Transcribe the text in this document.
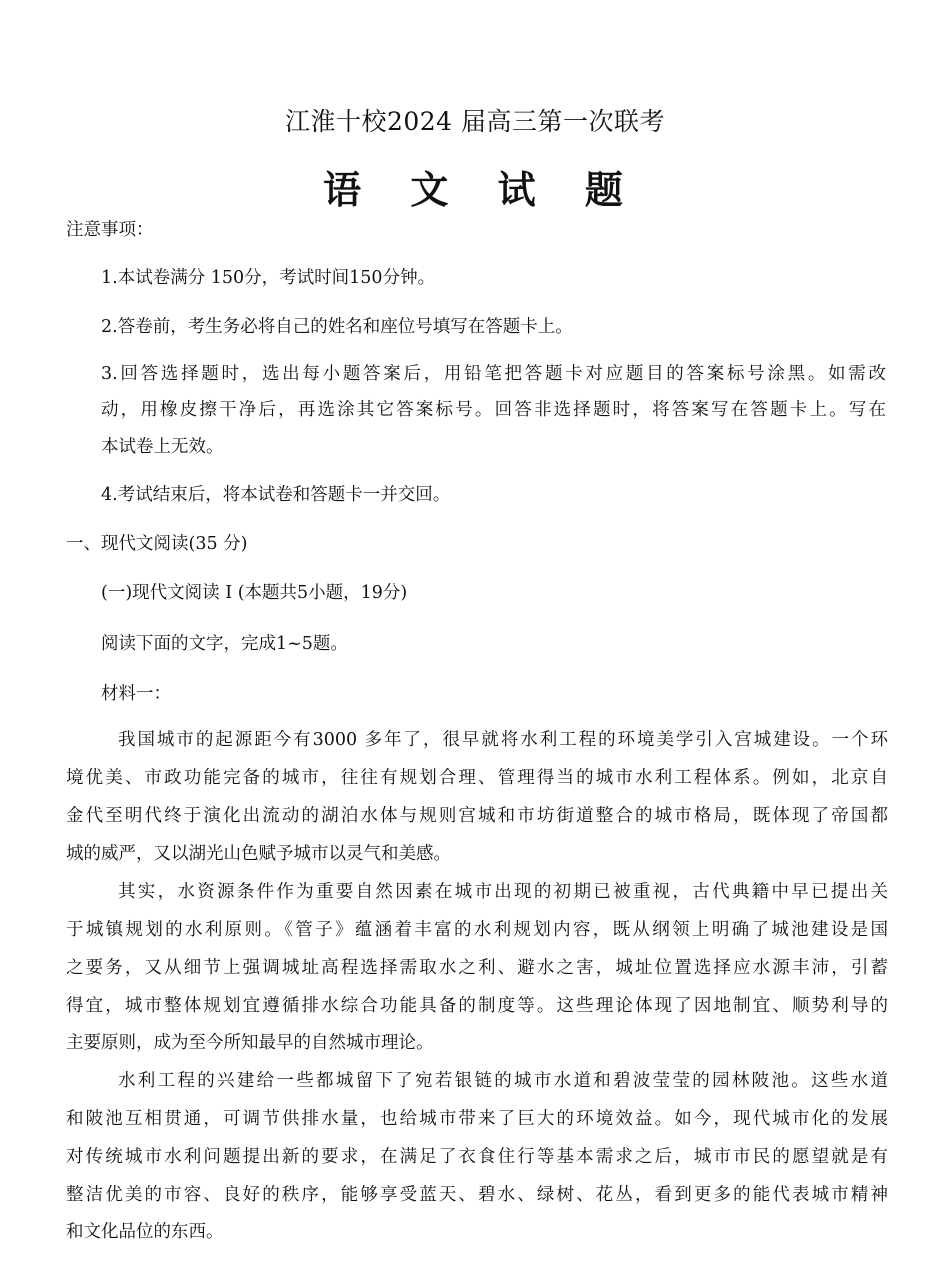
江淮十校2024 届高三第一次联考
语 文 试 题
注意事项：
1.本试卷满分 150分，考试时间150分钟。
2.答卷前，考生务必将自己的姓名和座位号填写在答题卡上。
3.回答选择题时，选出每小题答案后，用铅笔把答题卡对应题目的答案标号涂黑。如需改
动，用橡皮擦干净后，再选涂其它答案标号。回答非选择题时，将答案写在答题卡上。写在
本试卷上无效。
4.考试结束后，将本试卷和答题卡一并交回。
一、现代文阅读(35 分)
(一)现代文阅读 I (本题共5小题，19分)
阅读下面的文字，完成1~5题。
材料一：
我国城市的起源距今有3000 多年了，很早就将水利工程的环境美学引入宫城建设。一个环
境优美、市政功能完备的城市，往往有规划合理、管理得当的城市水利工程体系。例如，北京自
金代至明代终于演化出流动的湖泊水体与规则宫城和市坊街道整合的城市格局，既体现了帝国都
城的威严，又以湖光山色赋予城市以灵气和美感。
其实，水资源条件作为重要自然因素在城市出现的初期已被重视，古代典籍中早已提出关
于城镇规划的水利原则。《管子》蕴涵着丰富的水利规划内容，既从纲领上明确了城池建设是国
之要务，又从细节上强调城址高程选择需取水之利、避水之害，城址位置选择应水源丰沛，引蓄
得宜，城市整体规划宜遵循排水综合功能具备的制度等。这些理论体现了因地制宜、顺势利导的
主要原则，成为至今所知最早的自然城市理论。
水利工程的兴建给一些都城留下了宛若银链的城市水道和碧波莹莹的园林陂池。这些水道
和陂池互相贯通，可调节供排水量，也给城市带来了巨大的环境效益。如今，现代城市化的发展
对传统城市水利问题提出新的要求，在满足了衣食住行等基本需求之后，城市市民的愿望就是有
整洁优美的市容、良好的秩序，能够享受蓝天、碧水、绿树、花丛，看到更多的能代表城市精神
和文化品位的东西。
